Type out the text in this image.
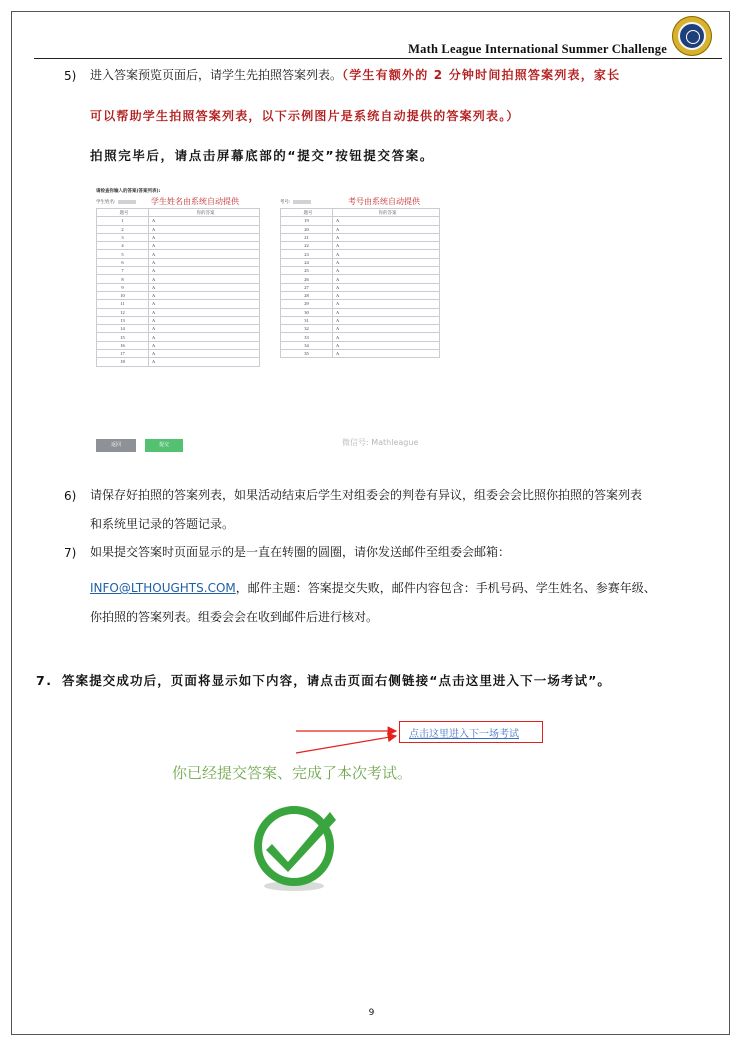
Math League International Summer Challenge
5) 进入答案预览页面后，请学生先拍照答案列表。（学生有额外的 2 分钟时间拍照答案列表，家长
可以帮助学生拍照答案列表，以下示例图片是系统自动提供的答案列表。）
拍照完毕后，请点击屏幕底部的“提交”按钮提交答案。
请检查你输入的答案(答案列表):
学生姓名:	学生姓名由系统自动提供	考号:	考号由系统自动提供
题号	你的答案
1	A
2	A
3	A
4	A
5	A
6	A
7	A
8	A
9	A
10	A
11	A
12	A
13	A
14	A
15	A
16	A
17	A
18	A
题号	你的答案
19	A
20	A
21	A
22	A
23	A
24	A
25	A
26	A
27	A
28	A
29	A
30	A
31	A
32	A
33	A
34	A
35	A
返回	提交	微信号: Mathleague
6) 请保存好拍照的答案列表，如果活动结束后学生对组委会的判卷有异议，组委会会比照你拍照的答案列表
和系统里记录的答题记录。
7) 如果提交答案时页面显示的是一直在转圈的圆圈，请你发送邮件至组委会邮箱：
INFO@LTHOUGHTS.COM，邮件主题：答案提交失败，邮件内容包含：手机号码、学生姓名、参赛年级、
你拍照的答案列表。组委会会在收到邮件后进行核对。
7. 答案提交成功后，页面将显示如下内容，请点击页面右侧链接“点击这里进入下一场考试”。
点击这里进入下一场考试
你已经提交答案、完成了本次考试。
9
